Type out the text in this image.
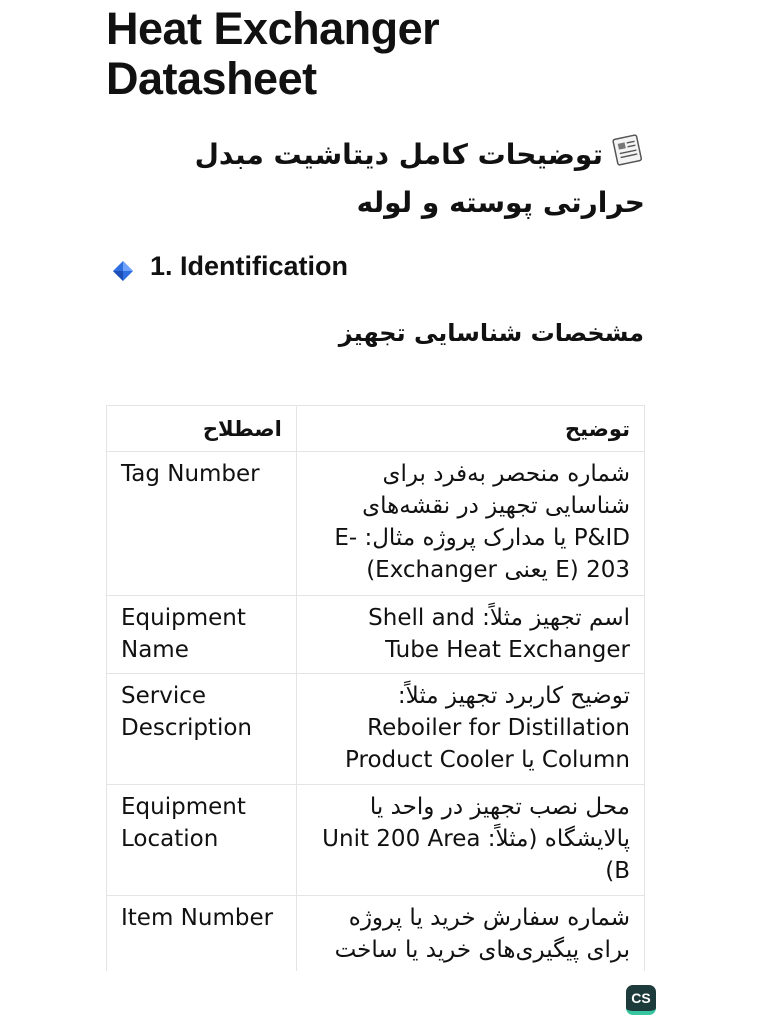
Heat Exchanger
Datasheet
توضیحات کامل دیتاشیت مبدل حرارتی پوسته و لوله
1. Identification
مشخصات شناسایی تجهیز
اصطلاح	توضیح
Tag Number	شماره منحصر به‌فرد برای شناسایی تجهیز در نقشه‌های P&ID یا مدارک پروژه مثال: E-203 (E یعنی Exchanger)
Equipment Name	اسم تجهیز مثلاً: Shell and Tube Heat Exchanger
Service Description	توضیح کاربرد تجهیز مثلاً: Reboiler for Distillation Column یا Product Cooler
Equipment Location	محل نصب تجهیز در واحد یا پالایشگاه (مثلاً: Unit 200 Area B)
Item Number	شماره سفارش خرید یا پروژه برای پیگیری‌های خرید یا ساخت
CS
